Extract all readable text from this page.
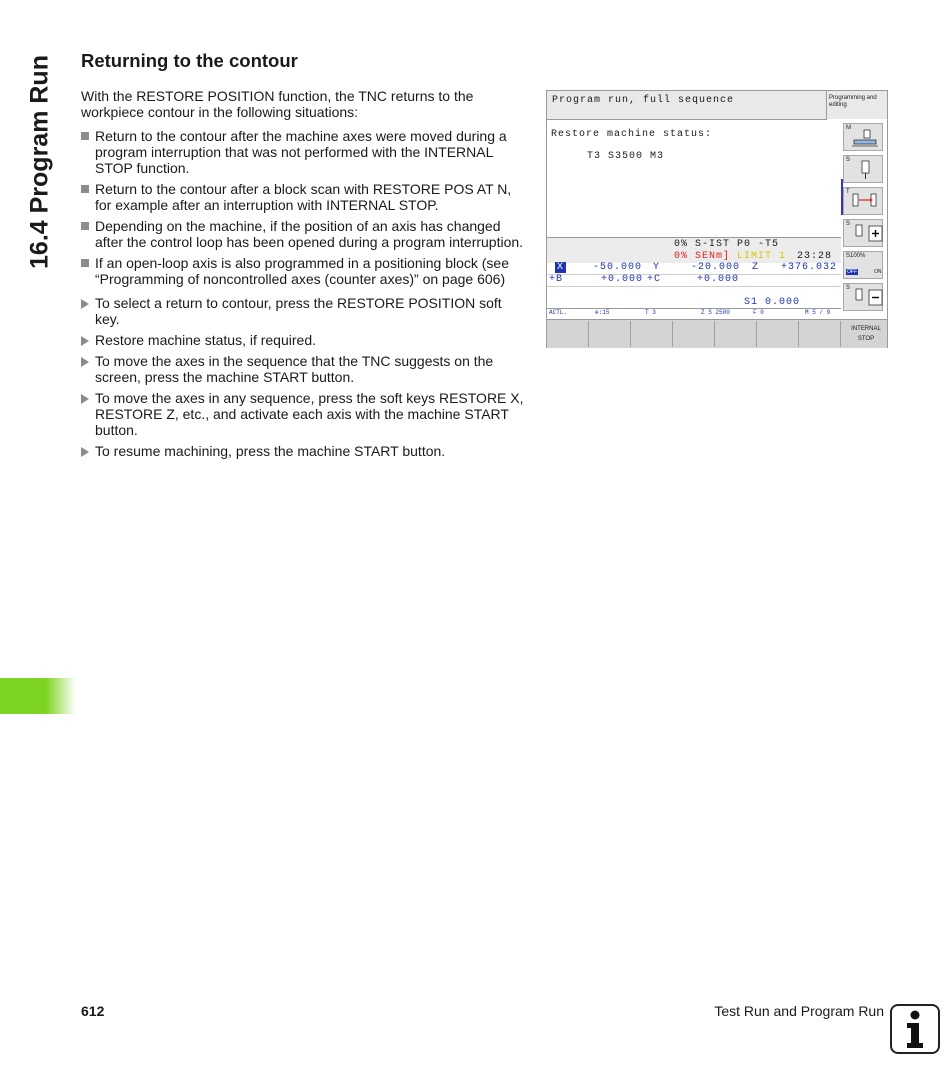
16.4 Program Run Returning to the contour

With the RESTORE POSITION function, the TNC returns to the workpiece contour in the following situations:

Return to the contour after the machine axes were moved during a program interruption that was not performed with the INTERNAL STOP function.
Return to the contour after a block scan with RESTORE POS AT N, for example after an interruption with INTERNAL STOP.
Depending on the machine, if the position of an axis has changed after the control loop has been opened during a program interruption.
If an open-loop axis is also programmed in a positioning block (see “Programming of noncontrolled axes (counter axes)” on page 606)
To select a return to contour, press the RESTORE POSITION soft key.
Restore machine status, if required.
To move the axes in the sequence that the TNC suggests on the screen, press the machine START button.
To move the axes in any sequence, press the soft keys RESTORE X, RESTORE Z, etc., and activate each axis with the machine START button.
To resume machining, press the machine START button.
Program run, full sequence	Programming and editing
Restore machine status:
T3 S3500 M3
M
S
T
S
S100%
OFF	ON
S
0% S-IST P0 -T5
0% SENm] LIMIT 1 23:28
X	-50.000 Y	-20.000 Z +376.032
+B	+0.000 +C	+0.000
S1 0.000
ACTL.	⊕:15	T 3	Z S 2500	F 0	M 5 / 9
INTERNAL STOP
612	Test Run and Program Run
